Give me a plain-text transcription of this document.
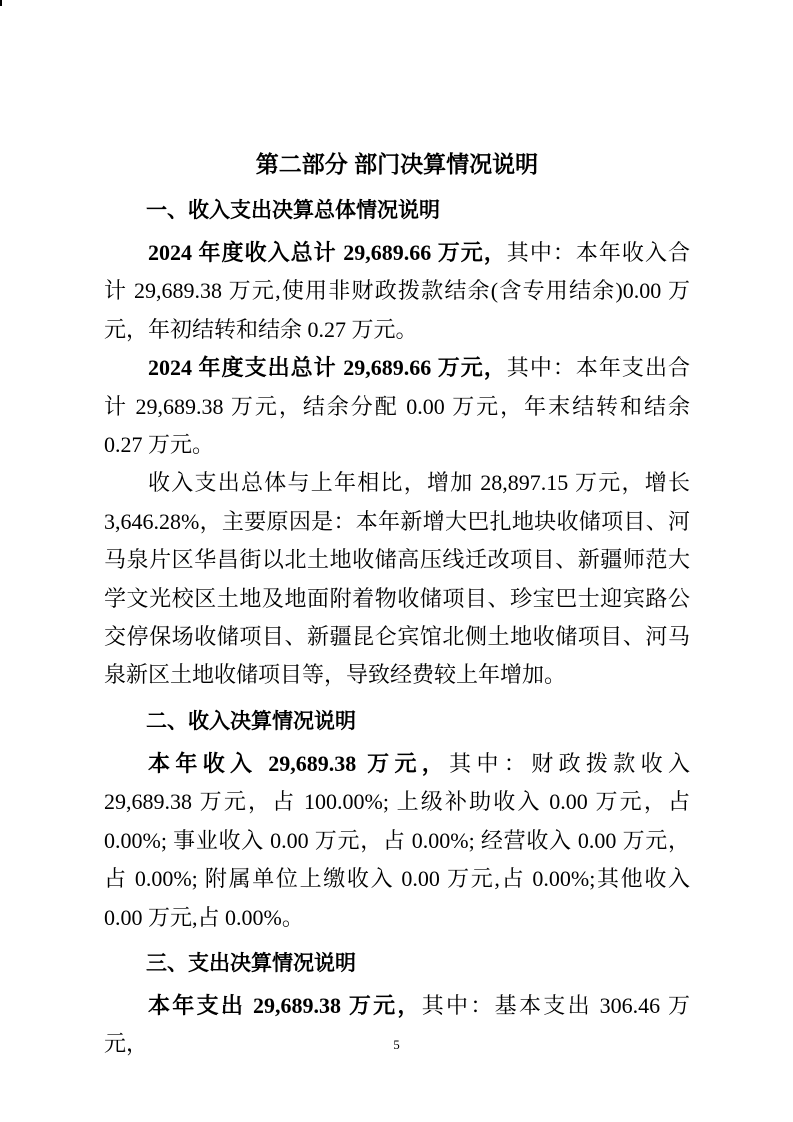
第二部分 部门决算情况说明
一、收入支出决算总体情况说明

2024 年度收入总计 29,689.66 万元，其中：本年收入合计 29,689.38 万元,使用非财政拨款结余(含专用结余)0.00 万元，年初结转和结余 0.27 万元。

2024 年度支出总计 29,689.66 万元，其中：本年支出合计 29,689.38 万元，结余分配 0.00 万元，年末结转和结余 0.27 万元。

收入支出总体与上年相比，增加 28,897.15 万元，增长 3,646.28%，主要原因是：本年新增大巴扎地块收储项目、河马泉片区华昌街以北土地收储高压线迁改项目、新疆师范大学文光校区土地及地面附着物收储项目、珍宝巴士迎宾路公交停保场收储项目、新疆昆仑宾馆北侧土地收储项目、河马泉新区土地收储项目等，导致经费较上年增加。

二、收入决算情况说明

本年收入 29,689.38 万元，其中：财政拨款收入 29,689.38 万元，占 100.00%; 上级补助收入 0.00 万元，占 0.00%; 事业收入 0.00 万元，占 0.00%; 经营收入 0.00 万元，占 0.00%; 附属单位上缴收入 0.00 万元,占 0.00%;其他收入 0.00 万元,占 0.00%。

三、支出决算情况说明

本年支出 29,689.38 万元，其中：基本支出 306.46 万元，	5
